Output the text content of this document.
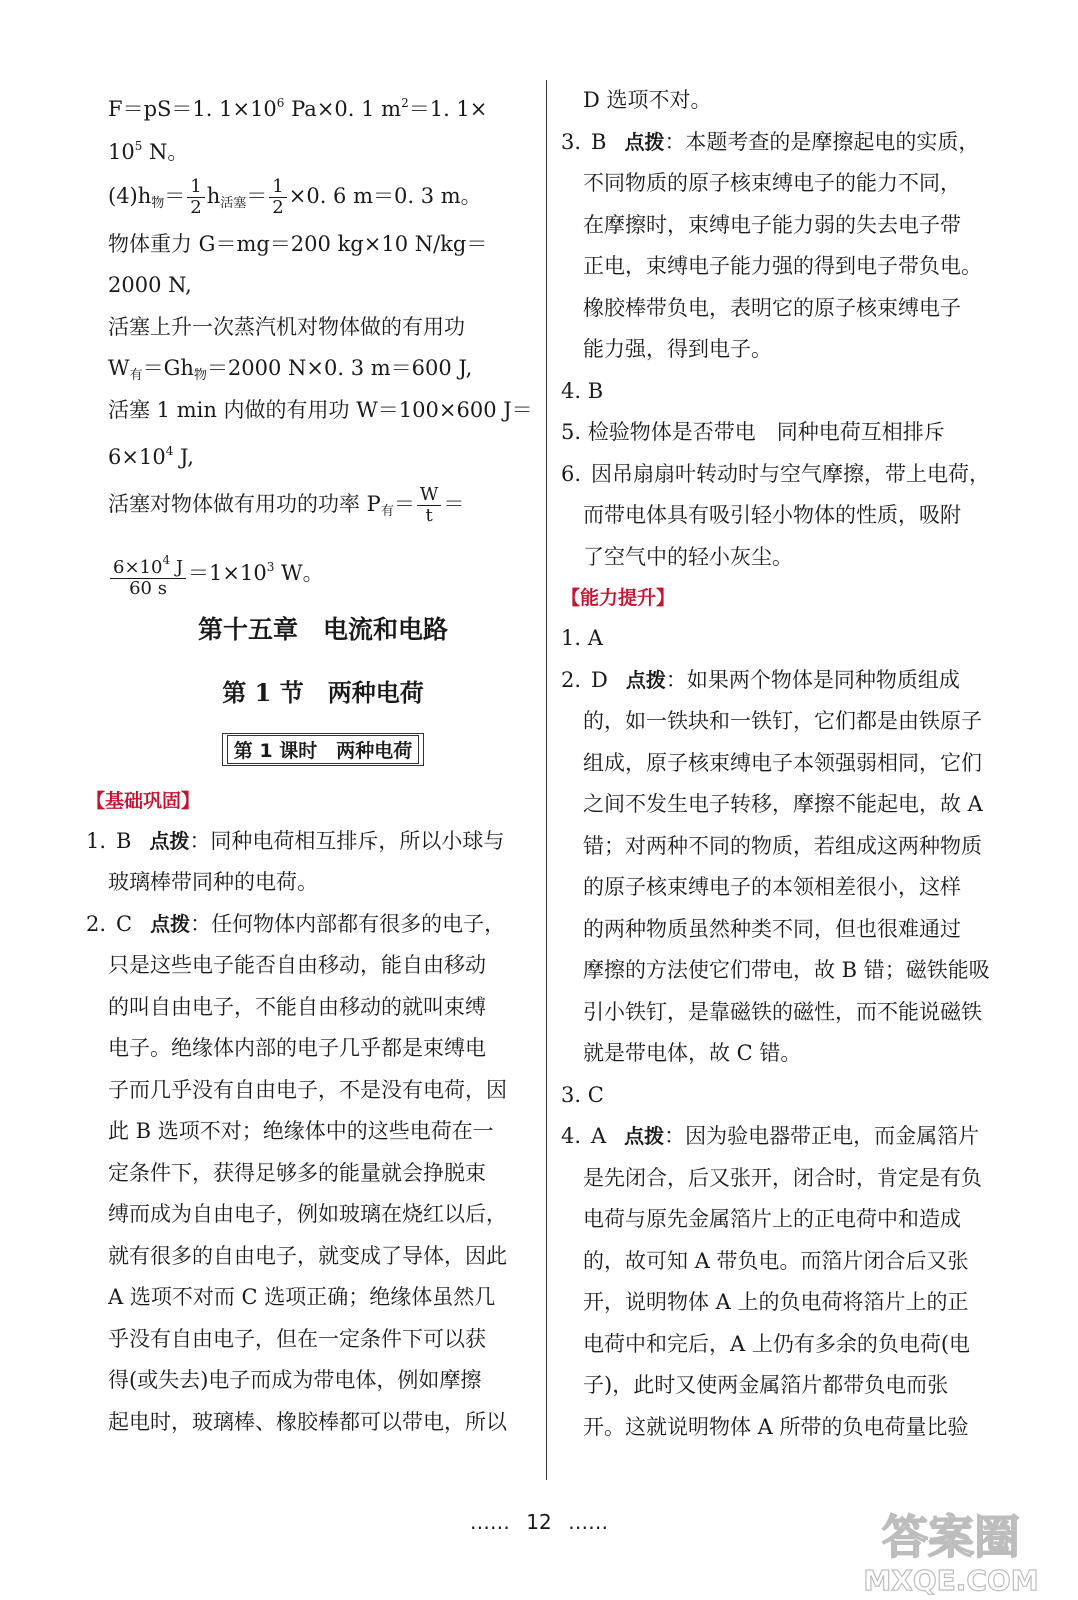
F＝pS＝1. $1\times 10^6$ Pa×0. 1 $m^2=1$. 1×
$10^5$ N。
$(4)h_物= \frac{1}{2} h_{活塞}= \frac{1}{2} \times 0$. 6 m＝0. 3 m。
物体重力 G＝mg＝200 kg×10 N/kg＝
2000 N,
活塞上升一次蒸汽机对物体做的有用功
$W_有=Gh_物=2000$ N×0. 3 m＝600 J,
活塞 1 min 内做的有用功 W＝100×600 J＝
$6\times 10^4$ J,
活塞对物体做有用功的功率 $P_有= \frac{W}{t}$ ＝
$\frac{6\times 10^4 J}{60 s} =1\times 10^3$ W。
第十五章　电流和电路
第 1 节　两种电荷
第 1 课时　两种电荷
【基础巩固】
1. B 点拨：同种电荷相互排斥，所以小球与
玻璃棒带同种的电荷。
2. C 点拨：任何物体内部都有很多的电子，
只是这些电子能否自由移动，能自由移动
的叫自由电子，不能自由移动的就叫束缚
电子。绝缘体内部的电子几乎都是束缚电
子而几乎没有自由电子，不是没有电荷，因
此 B 选项不对；绝缘体中的这些电荷在一
定条件下，获得足够多的能量就会挣脱束
缚而成为自由电子，例如玻璃在烧红以后，
就有很多的自由电子，就变成了导体，因此
A 选项不对而 C 选项正确；绝缘体虽然几
乎没有自由电子，但在一定条件下可以获
得(或失去)电子而成为带电体，例如摩擦
起电时，玻璃棒、橡胶棒都可以带电，所以
D 选项不对。
3. B 点拨：本题考查的是摩擦起电的实质，
不同物质的原子核束缚电子的能力不同，
在摩擦时，束缚电子能力弱的失去电子带
正电，束缚电子能力强的得到电子带负电。
橡胶棒带负电，表明它的原子核束缚电子
能力强，得到电子。
4. B
5. 检验物体是否带电　同种电荷互相排斥
6. 因吊扇扇叶转动时与空气摩擦，带上电荷，
而带电体具有吸引轻小物体的性质，吸附
了空气中的轻小灰尘。
【能力提升】
1. A
2. D 点拨：如果两个物体是同种物质组成
的，如一铁块和一铁钉，它们都是由铁原子
组成，原子核束缚电子本领强弱相同，它们
之间不发生电子转移，摩擦不能起电，故 A
错；对两种不同的物质，若组成这两种物质
的原子核束缚电子的本领相差很小，这样
的两种物质虽然种类不同，但也很难通过
摩擦的方法使它们带电，故 B 错；磁铁能吸
引小铁钉，是靠磁铁的磁性，而不能说磁铁
就是带电体，故 C 错。
3. C
4. A 点拨：因为验电器带正电，而金属箔片
是先闭合，后又张开，闭合时，肯定是有负
电荷与原先金属箔片上的正电荷中和造成
的，故可知 A 带负电。而箔片闭合后又张
开，说明物体 A 上的负电荷将箔片上的正
电荷中和完后，A 上仍有多余的负电荷(电
子)，此时又使两金属箔片都带负电而张
开。这就说明物体 A 所带的负电荷量比验
…… 12 ……	答案圈
MXQE.COM
